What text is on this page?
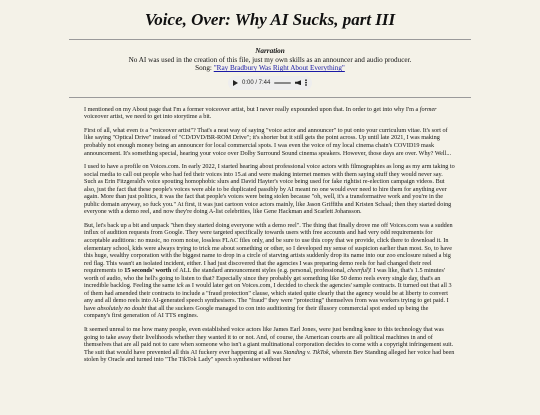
Voice, Over: Why AI Sucks, part III
Narration
No AI was used in the creation of this file, just my own skills as an announcer and audio producer.
Song: "Ray Bradbury Was Right About Everything"
0:00 / 7:44

I mentioned on my About page that I'm a former voiceover artist, but I never really expounded upon that. In order to get into why I'm a former voiceover artist, we need to get into storytime a bit.

First of all, what even is a "voiceover artist"? That's a neat way of saying "voice actor and announcer" to put onto your curriculum vitae. It's sort of like saying "Optical Drive" instead of "CD/DVD/BR-ROM Drive"; it's shorter but it still gets the point across. Up until late 2021, I was making probably not enough money being an announcer for local commercial spots. I was even the voice of my local cinema chain's COVID19 mask announcement. It's something special, hearing your voice over Dolby Surround Sound cinema speakers. However, those days are over. Why? Well...

I used to have a profile on Voices.com. In early 2022, I started hearing about professional voice actors with filmographies as long as my arm taking to social media to call out people who had fed their voices into 15.ai and were making internet memes with them saying stuff they would never say. Such as Erin Fitzgerald's voice spouting homophobic slurs and David Hayter's voice being used for fake rightist re-election campaign videos. But also, just the fact that these people's voices were able to be duplicated passibly by AI meant no one would ever need to hire them for anything ever again. More than just politics, it was the fact that people's voices were being stolen because "oh, well, it's a transformative work and you're in the public domain anyway, so fuck you." At first, it was just cartoon voice actors mainly, like Jason Griffiths and Kristen Schaal; then they started doing everyone with a demo reel, and now they're doing A-list celebrities, like Gene Hackman and Scarlett Johansson.

But, let's back up a bit and unpack "then they started doing everyone with a demo reel". The thing that finally drove me off Voices.com was a sudden influx of audition requests from Google. They were targeted specifically towards users with free accounts and had very odd requirements for acceptable auditions: no music, no room noise, lossless FLAC files only, and be sure to use this copy that we provide, click there to download it. In elementary school, kids were always trying to trick me about something or other, so I developed my sense of suspicion earlier than most. So, to have this huge, wealthy corporation with the biggest name to drop in a circle of starving artists suddenly drop its name into our zoo enclosure raised a big red flag. This wasn't an isolated incident, either. I had just discovered that the agencies I was preparing demo reels for had changed their reel requirements to 15 seconds' worth of ALL the standard announcement styles (e.g. personal, professional, cheerful)! I was like, that's 1.5 minutes' worth of audio, who the hell's going to listen to that? Especially since they probably get something like 50 demo reels every single day, that's an incredible backlog. Feeling the same ick as I would later get on Voices.com, I decided to check the agencies' sample contracts. It turned out that all 3 of them had amended their contracts to include a "fraud protection" clause, which stated quite clearly that the agency would be at liberty to convert any and all demo reels into AI-generated speech synthesisers. The "fraud" they were "protecting" themselves from was workers trying to get paid. I have absolutely no doubt that all the suckers Google managed to con into auditioning for their illusory commercial spot ended up being the company's first generation of AI TTS engines.

It seemed unreal to me how many people, even established voice actors like James Earl Jones, were just bending knee to this technology that was going to take away their livelihoods whether they wanted it to or not. And, of course, the American courts are all political machines in and of themselves that are all paid not to care when someone who isn't a giant multinational corporation decides to come with a copyright infringement suit. The suit that would have prevented all this AI fuckery ever happening at all was Standing v. TikTok, wherein Bev Standing alleged her voice had been stolen by Oracle and turned into "The TikTok Lady" speech synthesiser without her
